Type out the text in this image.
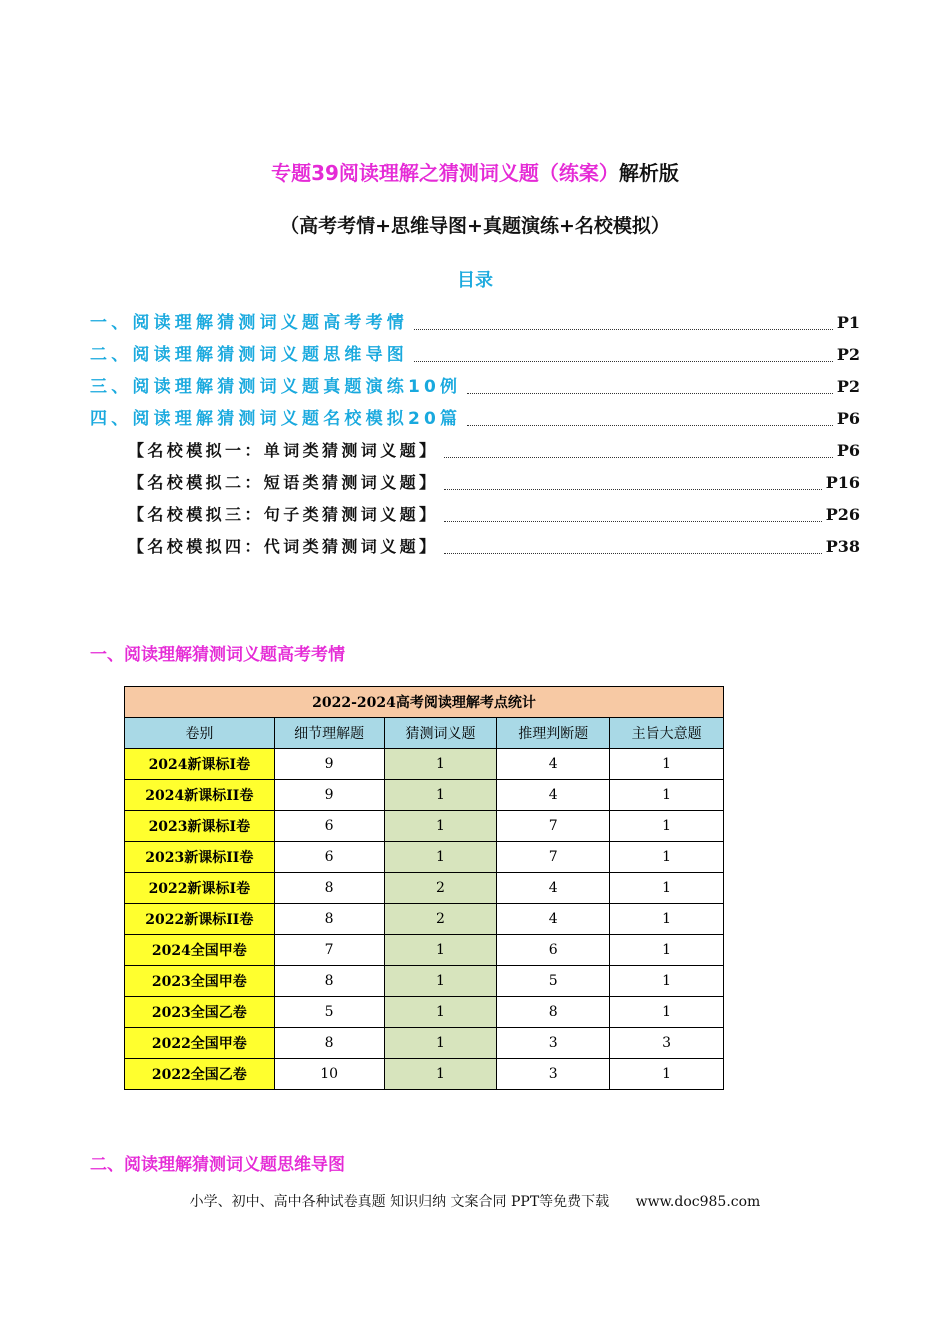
专题39阅读理解之猜测词义题（练案）解析版
（高考考情+思维导图+真题演练+名校模拟）
目录
一、阅读理解猜测词义题高考考情	P1
二、阅读理解猜测词义题思维导图	P2
三、阅读理解猜测词义题真题演练10例	P2
四、阅读理解猜测词义题名校模拟20篇	P6
【名校模拟一：单词类猜测词义题】	P6
【名校模拟二：短语类猜测词义题】	P16
【名校模拟三：句子类猜测词义题】	P26
【名校模拟四：代词类猜测词义题】	P38
一、阅读理解猜测词义题高考考情
2022-2024高考阅读理解考点统计				
卷别	细节理解题	猜测词义题	推理判断题	主旨大意题
2024新课标I卷	9	1	4	1
2024新课标II卷	9	1	4	1
2023新课标I卷	6	1	7	1
2023新课标II卷	6	1	7	1
2022新课标I卷	8	2	4	1
2022新课标II卷	8	2	4	1
2024全国甲卷	7	1	6	1
2023全国甲卷	8	1	5	1
2023全国乙卷	5	1	8	1
2022全国甲卷	8	1	3	3
2022全国乙卷	10	1	3	1
二、阅读理解猜测词义题思维导图
小学、初中、高中各种试卷真题 知识归纳 文案合同 PPT等免费下载 www.doc985.com
